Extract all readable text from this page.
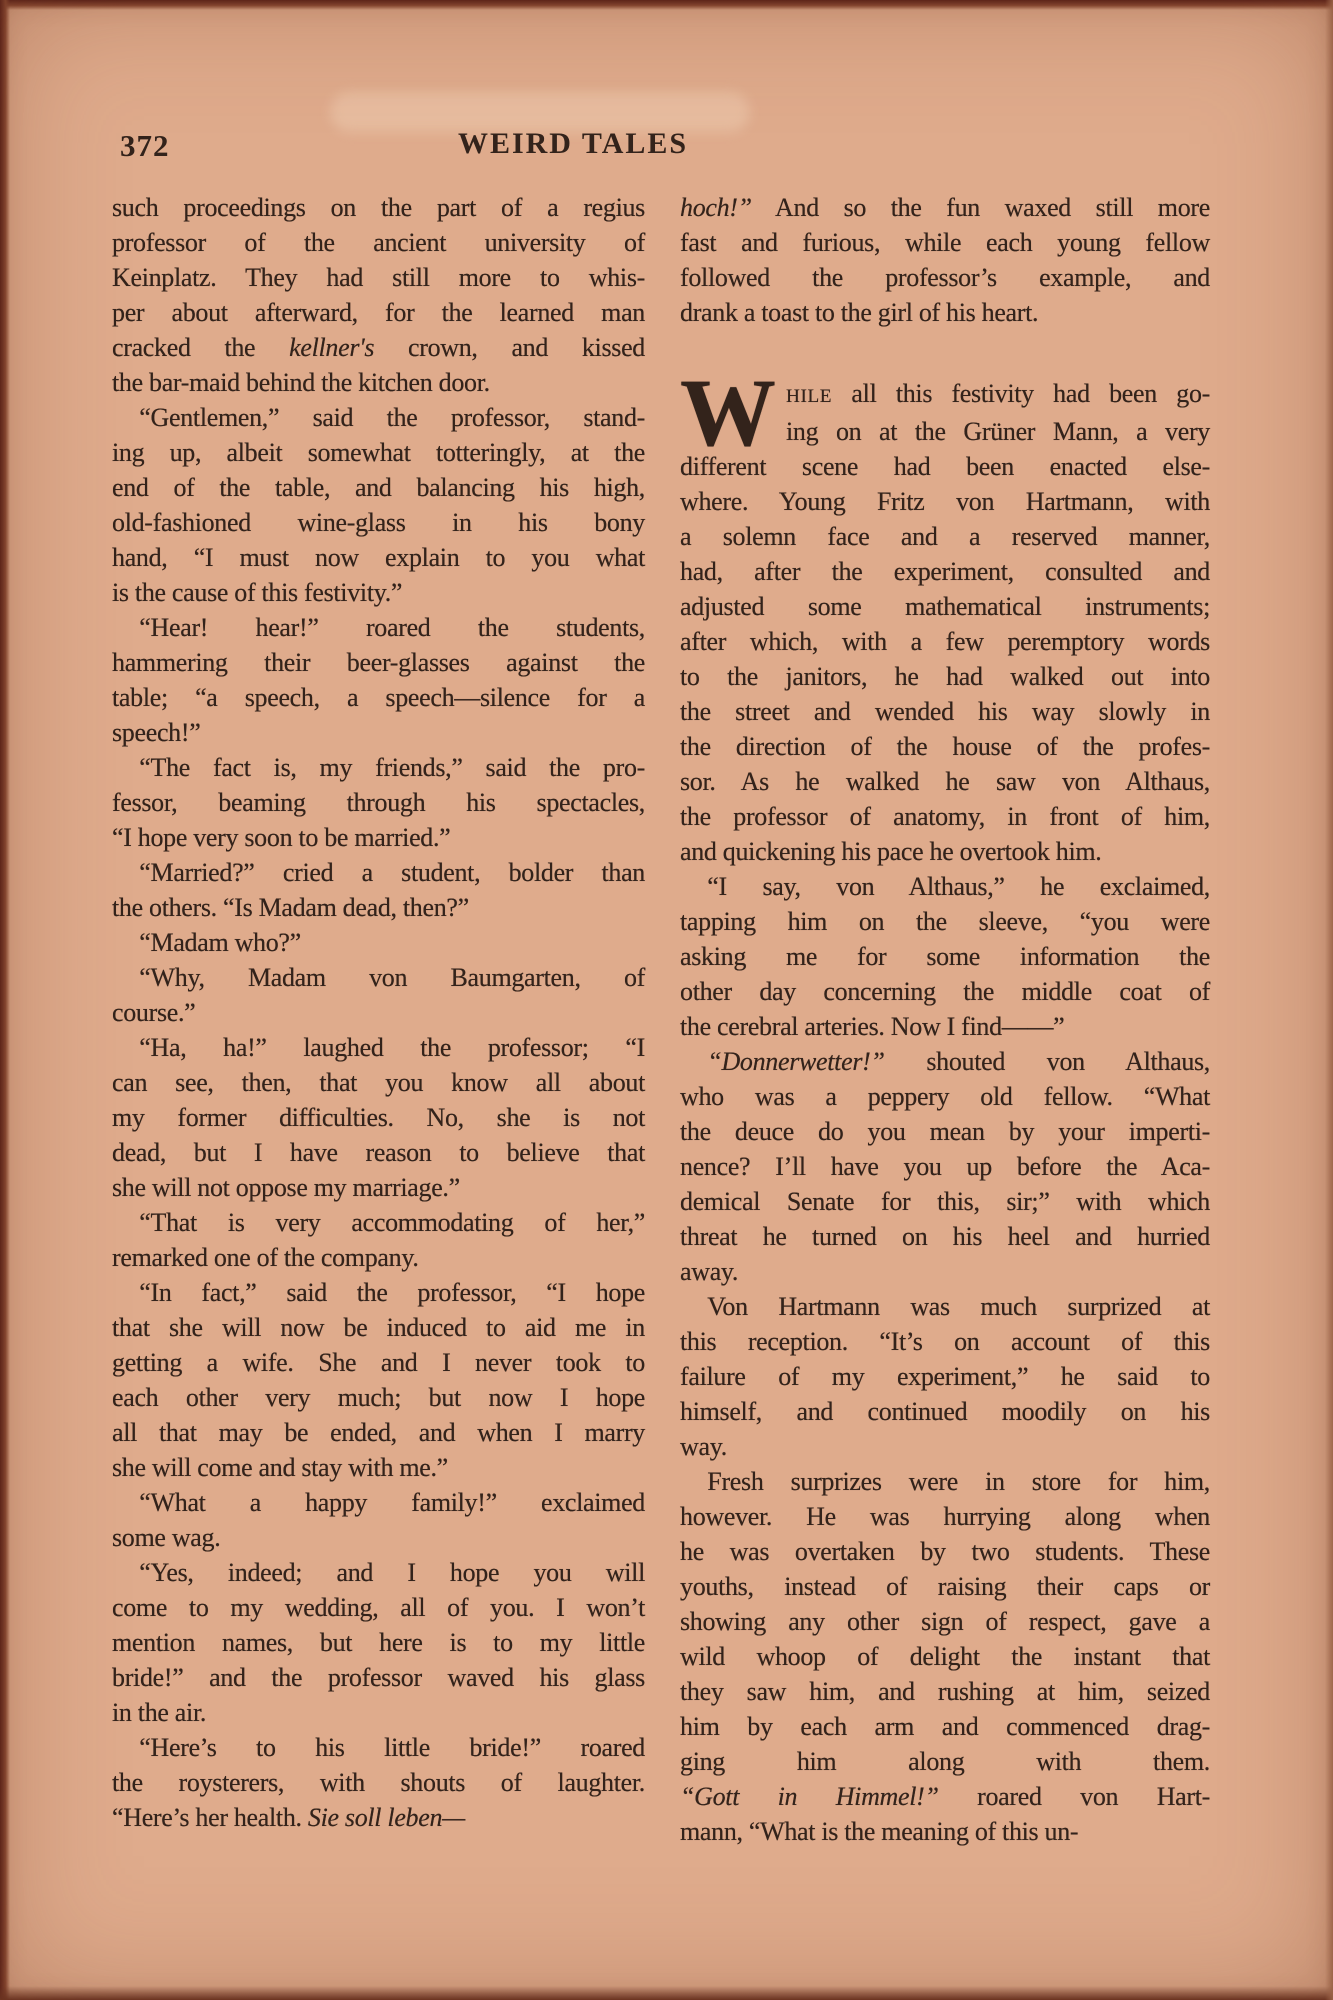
372	WEIRD TALES
such proceedings on the part of a regius
professor of the ancient university of
Keinplatz. They had still more to whis-
per about afterward, for the learned man
cracked the kellner's crown, and kissed
the bar-maid behind the kitchen door.
“Gentlemen,” said the professor, stand-
ing up, albeit somewhat totteringly, at the
end of the table, and balancing his high,
old-fashioned wine-glass in his bony
hand, “I must now explain to you what
is the cause of this festivity.”
“Hear! hear!” roared the students,
hammering their beer-glasses against the
table; “a speech, a speech—silence for a
speech!”
“The fact is, my friends,” said the pro-
fessor, beaming through his spectacles,
“I hope very soon to be married.”
“Married?” cried a student, bolder than
the others. “Is Madam dead, then?”
“Madam who?”
“Why, Madam von Baumgarten, of
course.”
“Ha, ha!” laughed the professor; “I
can see, then, that you know all about
my former difficulties. No, she is not
dead, but I have reason to believe that
she will not oppose my marriage.”
“That is very accommodating of her,”
remarked one of the company.
“In fact,” said the professor, “I hope
that she will now be induced to aid me in
getting a wife. She and I never took to
each other very much; but now I hope
all that may be ended, and when I marry
she will come and stay with me.”
“What a happy family!” exclaimed
some wag.
“Yes, indeed; and I hope you will
come to my wedding, all of you. I won’t
mention names, but here is to my little
bride!” and the professor waved his glass
in the air.
“Here’s to his little bride!” roared
the roysterers, with shouts of laughter.
“Here’s her health. Sie soll leben—
hoch!” And so the fun waxed still more
fast and furious, while each young fellow
followed the professor’s example, and
drank a toast to the girl of his heart.
W HILE all this festivity had been go-
ing on at the Grüner Mann, a very
different scene had been enacted else-
where. Young Fritz von Hartmann, with
a solemn face and a reserved manner,
had, after the experiment, consulted and
adjusted some mathematical instruments;
after which, with a few peremptory words
to the janitors, he had walked out into
the street and wended his way slowly in
the direction of the house of the profes-
sor. As he walked he saw von Althaus,
the professor of anatomy, in front of him,
and quickening his pace he overtook him.
“I say, von Althaus,” he exclaimed,
tapping him on the sleeve, “you were
asking me for some information the
other day concerning the middle coat of
the cerebral arteries. Now I find——”
“Donnerwetter!” shouted von Althaus,
who was a peppery old fellow. “What
the deuce do you mean by your imperti-
nence? I’ll have you up before the Aca-
demical Senate for this, sir;” with which
threat he turned on his heel and hurried
away.
Von Hartmann was much surprized at
this reception. “It’s on account of this
failure of my experiment,” he said to
himself, and continued moodily on his
way.
Fresh surprizes were in store for him,
however. He was hurrying along when
he was overtaken by two students. These
youths, instead of raising their caps or
showing any other sign of respect, gave a
wild whoop of delight the instant that
they saw him, and rushing at him, seized
him by each arm and commenced drag-
ging him along with them.
“Gott in Himmel!” roared von Hart-
mann, “What is the meaning of this un-
